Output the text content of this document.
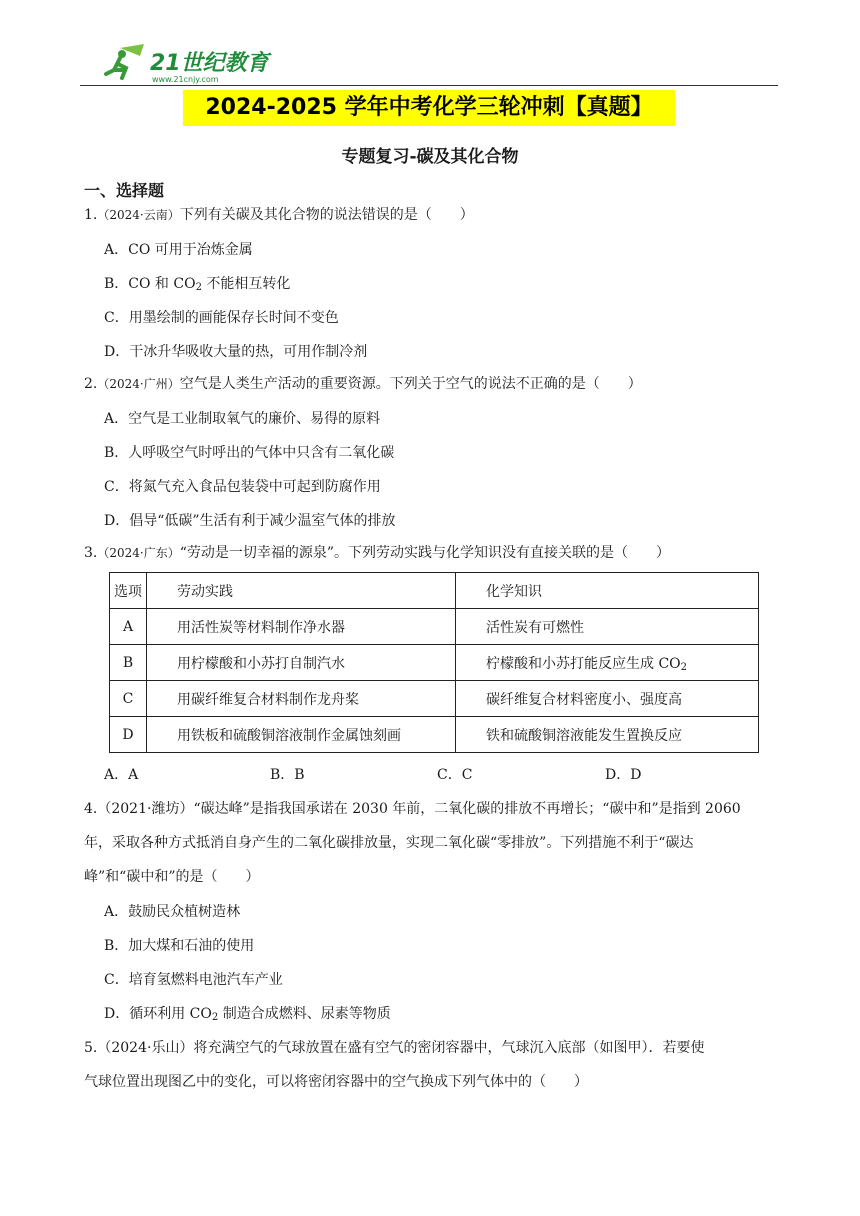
21世纪教育
www.21cnjy.com
2024-2025 学年中考化学三轮冲刺【真题】
专题复习-碳及其化合物
一、选择题
1.（2024·云南）下列有关碳及其化合物的说法错误的是（　　）
A．CO 可用于冶炼金属
B．CO 和 $CO_2$ 不能相互转化
C．用墨绘制的画能保存长时间不变色
D．干冰升华吸收大量的热，可用作制冷剂
2.（2024·广州）空气是人类生产活动的重要资源。下列关于空气的说法不正确的是（　　）
A．空气是工业制取氧气的廉价、易得的原料
B．人呼吸空气时呼出的气体中只含有二氧化碳
C．将氮气充入食品包装袋中可起到防腐作用
D．倡导“低碳”生活有利于减少温室气体的排放
3.（2024·广东）“劳动是一切幸福的源泉”。下列劳动实践与化学知识没有直接关联的是（　　）
选项	劳动实践	化学知识
A	用活性炭等材料制作净水器	活性炭有可燃性
B	用柠檬酸和小苏打自制汽水	柠檬酸和小苏打能反应生成 $CO_2$
C	用碳纤维复合材料制作龙舟桨	碳纤维复合材料密度小、强度高
D	用铁板和硫酸铜溶液制作金属蚀刻画	铁和硫酸铜溶液能发生置换反应
A．A	B．B	C．C	D．D
4.（2021·潍坊）“碳达峰”是指我国承诺在 2030 年前，二氧化碳的排放不再增长；“碳中和”是指到 2060
年，采取各种方式抵消自身产生的二氧化碳排放量，实现二氧化碳“零排放”。下列措施不利于“碳达
峰”和“碳中和”的是（　　）
A．鼓励民众植树造林
B．加大煤和石油的使用
C．培育氢燃料电池汽车产业
D．循环利用 $CO_2$ 制造合成燃料、尿素等物质
5.（2024·乐山）将充满空气的气球放置在盛有空气的密闭容器中，气球沉入底部（如图甲）．若要使
气球位置出现图乙中的变化，可以将密闭容器中的空气换成下列气体中的（　　）
